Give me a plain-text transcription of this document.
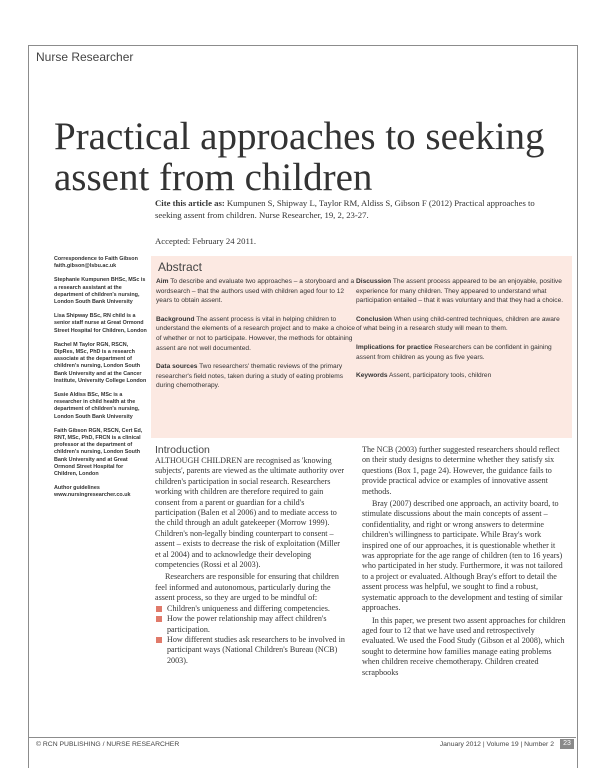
Nurse Researcher
Practical approaches to seeking assent from children
Cite this article as: Kumpunen S, Shipway L, Taylor RM, Aldiss S, Gibson F (2012) Practical approaches to seeking assent from children. Nurse Researcher, 19, 2, 23-27.
Accepted: February 24 2011.

Correspondence to Faith Gibson faith.gibson@lsbu.ac.uk

Stephanie Kumpunen BHSc, MSc is a research assistant at the department of children's nursing, London South Bank University

Lisa Shipway BSc, RN child is a senior staff nurse at Great Ormond Street Hospital for Children, London

Rachel M Taylor RGN, RSCN, DipRes, MSc, PhD is a research associate at the department of children's nursing, London South Bank University and at the Cancer Institute, University College London

Susie Aldiss BSc, MSc is a researcher in child health at the department of children's nursing, London South Bank University

Faith Gibson RGN, RSCN, Cert Ed, RNT, MSc, PhD, FRCN is a clinical professor at the department of children's nursing, London South Bank University and at Great Ormond Street Hospital for Children, London

Author guidelines www.nursingresearcher.co.uk

Abstract

Aim To describe and evaluate two approaches – a storyboard and a wordsearch – that the authors used with children aged four to 12 years to obtain assent.

Background The assent process is vital in helping children to understand the elements of a research project and to make a choice of whether or not to participate. However, the methods for obtaining assent are not well documented.

Data sources Two researchers' thematic reviews of the primary researcher's field notes, taken during a study of eating problems during chemotherapy.

Discussion The assent process appeared to be an enjoyable, positive experience for many children. They appeared to understand what participation entailed – that it was voluntary and that they had a choice.

Conclusion When using child-centred techniques, children are aware of what being in a research study will mean to them.

Implications for practice Researchers can be confident in gaining assent from children as young as five years.

Keywords Assent, participatory tools, children

Introduction

ALTHOUGH CHILDREN are recognised as 'knowing subjects', parents are viewed as the ultimate authority over children's participation in social research. Researchers working with children are therefore required to gain consent from a parent or guardian for a child's participation (Balen et al 2006) and to mediate access to the child through an adult gatekeeper (Morrow 1999). Children's non-legally binding counterpart to consent – assent – exists to decrease the risk of exploitation (Miller et al 2004) and to acknowledge their developing competencies (Rossi et al 2003).

Researchers are responsible for ensuring that children feel informed and autonomous, particularly during the assent process, so they are urged to be mindful of:

Children's uniqueness and differing competencies.
How the power relationship may affect children's participation.
How different studies ask researchers to be involved in participant ways (National Children's Bureau (NCB) 2003).

The NCB (2003) further suggested researchers should reflect on their study designs to determine whether they satisfy six questions (Box 1, page 24). However, the guidance fails to provide practical advice or examples of innovative assent methods.

Bray (2007) described one approach, an activity board, to stimulate discussions about the main concepts of assent – confidentiality, and right or wrong answers to determine children's willingness to participate. While Bray's work inspired one of our approaches, it is questionable whether it was appropriate for the age range of children (ten to 16 years) who participated in her study. Furthermore, it was not tailored to a project or evaluated. Although Bray's effort to detail the assent process was helpful, we sought to find a robust, systematic approach to the development and testing of similar approaches.

In this paper, we present two assent approaches for children aged four to 12 that we have used and retrospectively evaluated. We used the Food Study (Gibson et al 2008), which sought to determine how families manage eating problems when children receive chemotherapy. Children created scrapbooks

© RCN PUBLISHING / NURSE RESEARCHER	January 2012 | Volume 19 | Number 2	23
